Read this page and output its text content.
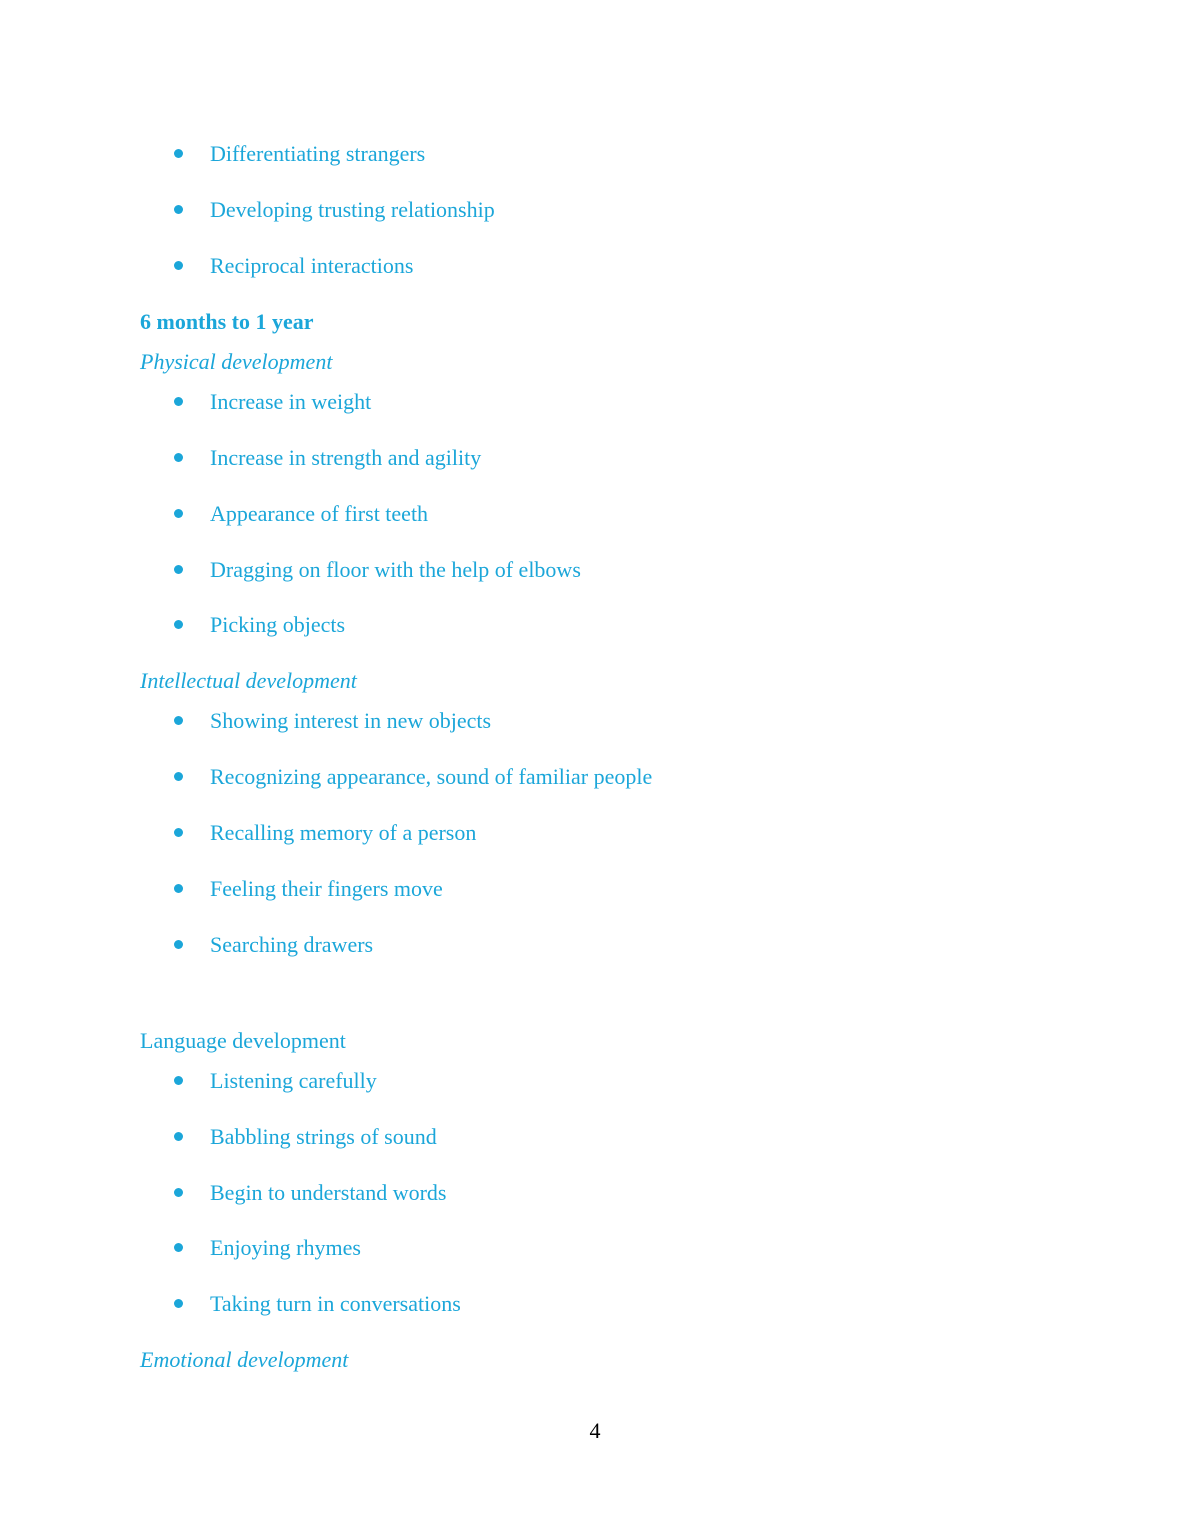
Differentiating strangers
Developing trusting relationship
Reciprocal interactions
6 months to 1 year
Physical development
Increase in weight
Increase in strength and agility
Appearance of first teeth
Dragging on floor with the help of elbows
Picking objects
Intellectual development
Showing interest in new objects
Recognizing appearance, sound of familiar people
Recalling memory of a person
Feeling their fingers move
Searching drawers
Language development
Listening carefully
Babbling strings of sound
Begin to understand words
Enjoying rhymes
Taking turn in conversations
Emotional development
4
